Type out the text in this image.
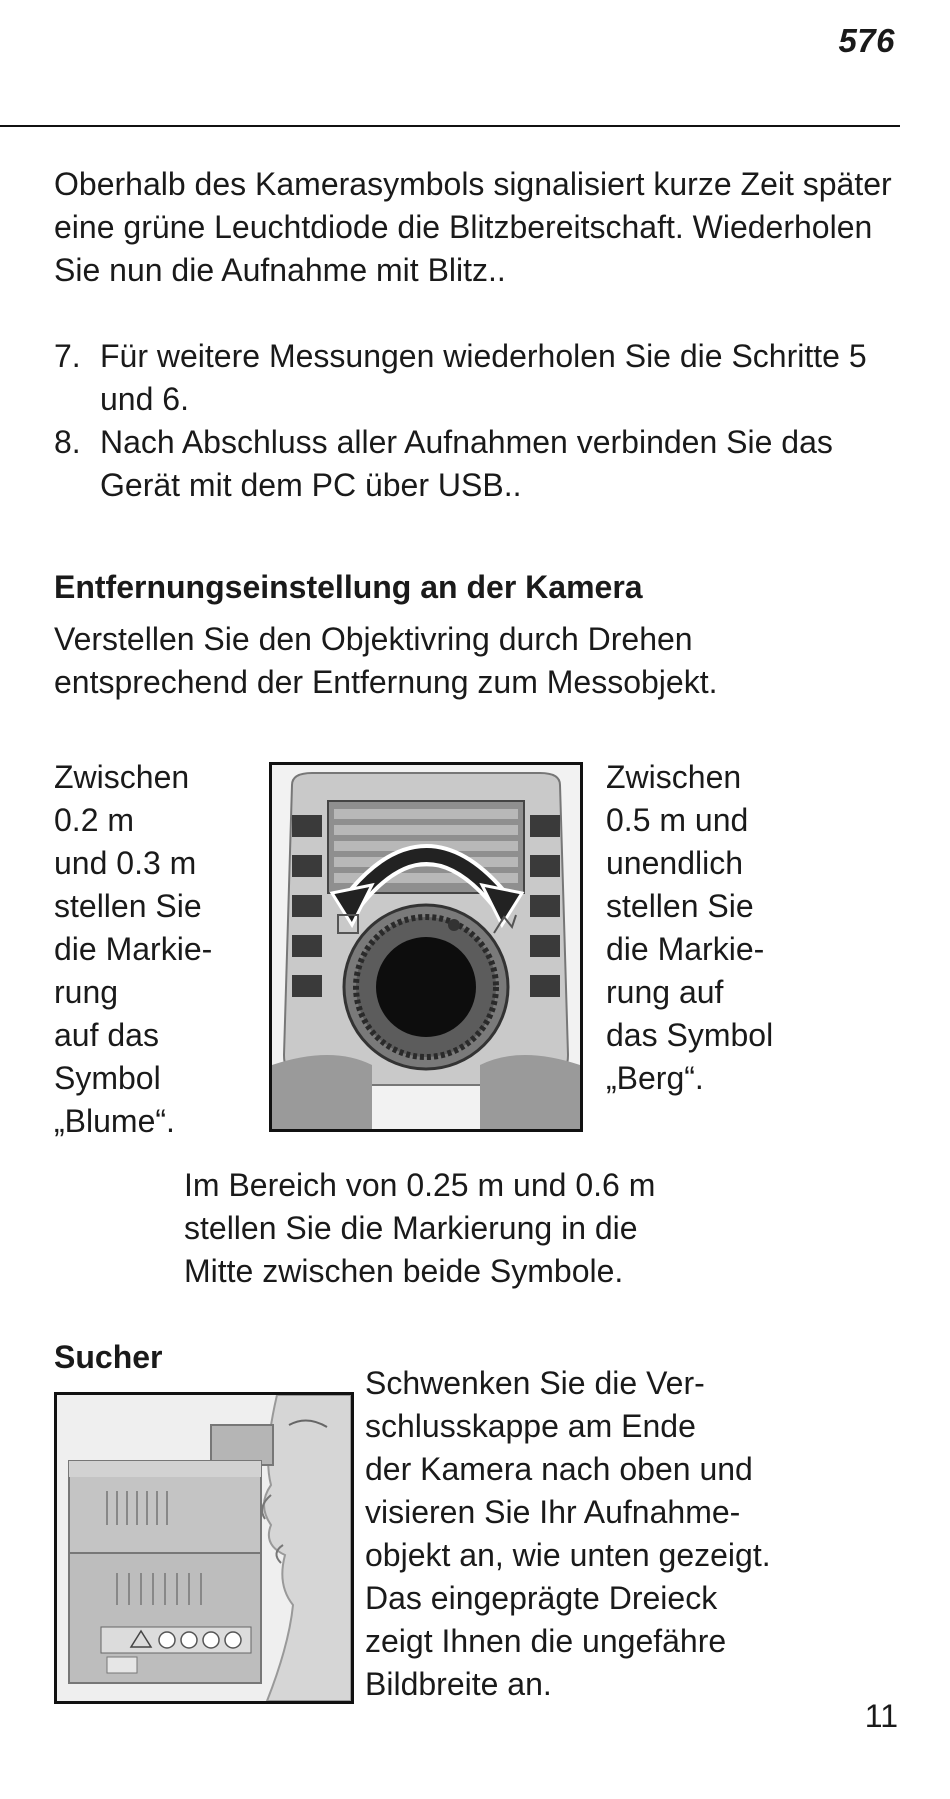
576
Oberhalb des Kamerasymbols signalisiert kurze Zeit später eine grüne Leuchtdiode die Blitzbereitschaft. Wiederholen Sie nun die Aufnahme mit Blitz..
7. Für weitere Messungen wiederholen Sie die Schritte 5 und 6.
8. Nach Abschluss aller Aufnahmen verbinden Sie das Gerät mit dem PC über USB..
Entfernungseinstellung an der Kamera
Verstellen Sie den Objektivring durch Drehen entsprechend der Entfernung zum Messobjekt.
Zwischen
0.2 m
und 0.3 m
stellen Sie
die Markie-
rung
auf das
Symbol
„Blume“.
Zwischen
0.5 m und
unendlich
stellen Sie
die Markie-
rung auf
das Symbol
„Berg“.
Im Bereich von 0.25 m und 0.6 m
stellen Sie die Markierung in die
Mitte zwischen beide Symbole.
Sucher
Schwenken Sie die Ver-
schlusskappe am Ende
der Kamera nach oben und
visieren Sie Ihr Aufnahme-
objekt an, wie unten gezeigt.
Das eingeprägte Dreieck
zeigt Ihnen die ungefähre
Bildbreite an.
11
